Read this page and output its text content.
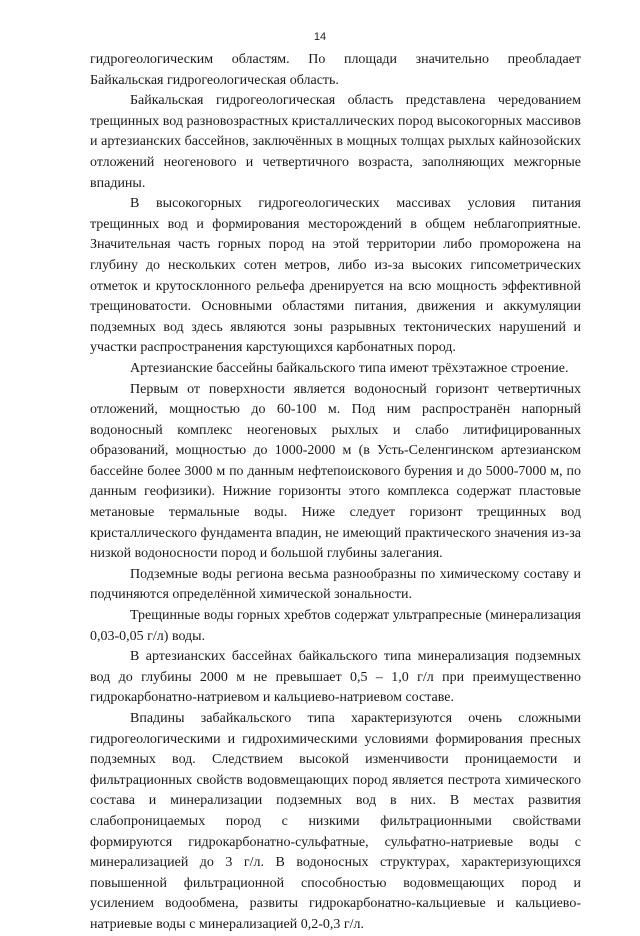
14

гидрогеологическим областям. По площади значительно преобладает Байкальская гидрогеологическая область.

Байкальская гидрогеологическая область представлена чередованием трещинных вод разновозрастных кристаллических пород высокогорных массивов и артезианских бассейнов, заключённых в мощных толщах рыхлых кайнозойских отложений неогенового и четвертичного возраста, заполняющих межгорные впадины.

В высокогорных гидрогеологических массивах условия питания трещинных вод и формирования месторождений в общем неблагоприятные. Значительная часть горных пород на этой территории либо проморожена на глубину до нескольких сотен метров, либо из-за высоких гипсометрических отметок и крутосклонного рельефа дренируется на всю мощность эффективной трещиноватости. Основными областями питания, движения и аккумуляции подземных вод здесь являются зоны разрывных тектонических нарушений и участки распространения карстующихся карбонатных пород.

Артезианские бассейны байкальского типа имеют трёхэтажное строение.

Первым от поверхности является водоносный горизонт четвертичных отложений, мощностью до 60-100 м. Под ним распространён напорный водоносный комплекс неогеновых рыхлых и слабо литифицированных образований, мощностью до 1000-2000 м (в Усть-Селенгинском артезианском бассейне более 3000 м по данным нефтепоискового бурения и до 5000-7000 м, по данным геофизики). Нижние горизонты этого комплекса содержат пластовые метановые термальные воды. Ниже следует горизонт трещинных вод кристаллического фундамента впадин, не имеющий практического значения из-за низкой водоносности пород и большой глубины залегания.

Подземные воды региона весьма разнообразны по химическому составу и подчиняются определённой химической зональности.

Трещинные воды горных хребтов содержат ультрапресные (минерализация 0,03-0,05 г/л) воды.

В артезианских бассейнах байкальского типа минерализация подземных вод до глубины 2000 м не превышает 0,5 – 1,0 г/л при преимущественно гидрокарбонатно-натриевом и кальциево-натриевом составе.

Впадины забайкальского типа характеризуются очень сложными гидрогеологическими и гидрохимическими условиями формирования пресных подземных вод. Следствием высокой изменчивости проницаемости и фильтрационных свойств водовмещающих пород является пестрота химического состава и минерализации подземных вод в них. В местах развития слабопроницаемых пород с низкими фильтрационными свойствами формируются гидрокарбонатно-сульфатные, сульфатно-натриевые воды с минерализацией до 3 г/л. В водоносных структурах, характеризующихся повышенной фильтрационной способностью водовмещающих пород и усилением водообмена, развиты гидрокарбонатно-кальциевые и кальциево-натриевые воды с минерализацией 0,2-0,3 г/л.
